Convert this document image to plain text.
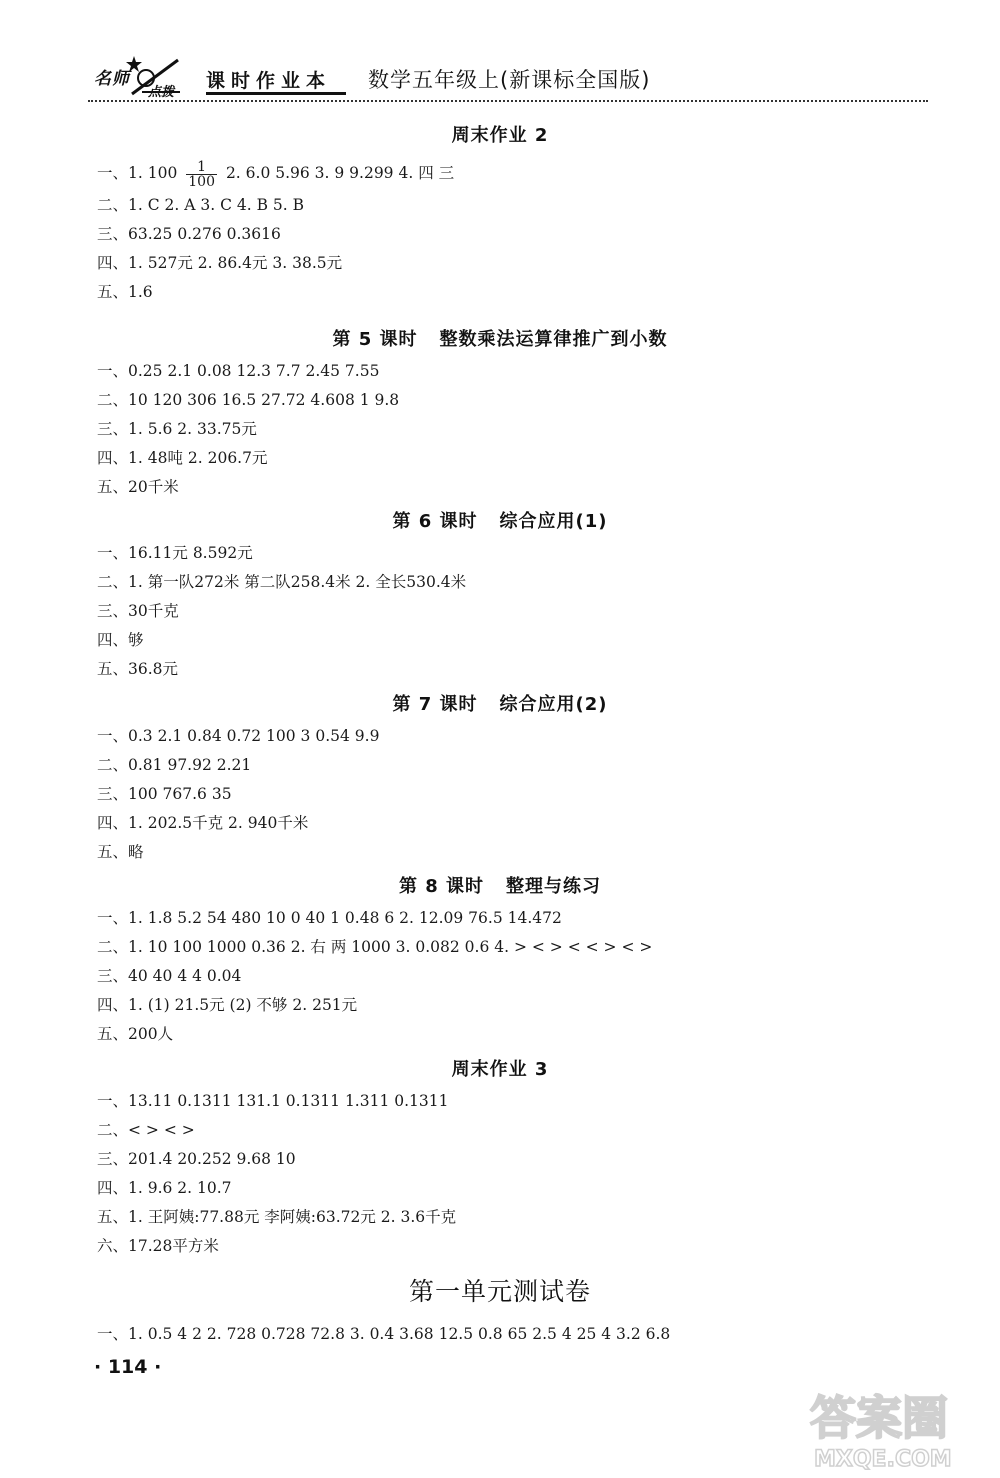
名师
点拨
课时作业本 数学五年级上(新课标全国版)
周末作业 2
一、1. $100 \frac{1}{100} 2$. 6.0 5.96 3. 9 9.299 4. 四 三
二、1. C 2. A 3. C 4. B 5. B
三、63.25 0.276 0.3616
四、1. 527元 2. 86.4元 3. 38.5元
五、1.6
第 5 课时 整数乘法运算律推广到小数
一、0.25 2.1 0.08 12.3 7.7 2.45 7.55
二、10 120 306 16.5 27.72 4.608 1 9.8
三、1. 5.6 2. 33.75元
四、1. 48吨 2. 206.7元
五、20千米
第 6 课时 综合应用(1)
一、16.11元 8.592元
二、1. 第一队272米 第二队258.4米 2. 全长530.4米
三、30千克
四、够
五、36.8元
第 7 课时 综合应用(2)
一、0.3 2.1 0.84 0.72 100 3 0.54 9.9
二、0.81 97.92 2.21
三、100 767.6 35
四、1. 202.5千克 2. 940千米
五、略
第 8 课时 整理与练习
一、1. 1.8 5.2 54 480 10 0 40 1 0.48 6 2. 12.09 76.5 14.472
二、1. 10 100 1000 0.36 2. 右 两 1000 3. 0.082 0.6 4. > < > < < > < >
三、40 40 4 4 0.04
四、1. (1) 21.5元 (2) 不够 2. 251元
五、200人
周末作业 3
一、13.11 0.1311 131.1 0.1311 1.311 0.1311
二、< > < >
三、201.4 20.252 9.68 10
四、1. 9.6 2. 10.7
五、1. 王阿姨:77.88元 李阿姨:63.72元 2. 3.6千克
六、17.28平方米
第一单元测试卷
一、1. 0.5 4 2 2. 728 0.728 72.8 3. 0.4 3.68 12.5 0.8 65 2.5 4 25 4 3.2 6.8
· 114 ·
答案圈
MXQE.COM
